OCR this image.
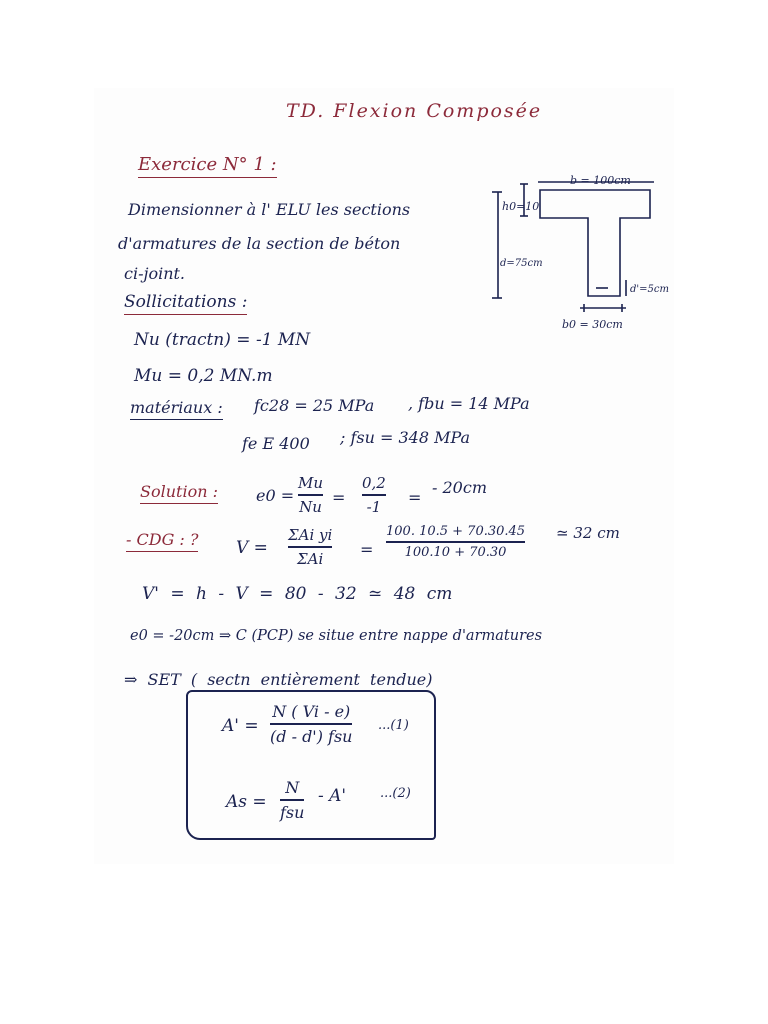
TD. Flexion Composée
Exercice N° 1 :
Dimensionner à l' ELU les sections
d'armatures de la section de béton
ci-joint.
Sollicitations :
Nu (tractn) = -1 MN
Mu = 0,2 MN.m
matériaux : fc28 = 25 MPa , fbu = 14 MPa
fe E 400 ; fsu = 348 MPa
b = 100cm
h0=10
d=75cm
d'=5cm
b0 = 30cm
Solution : e0 =
Mu
Nu =
0,2
-1 =
- 20cm
- CDG : ? V =
ΣAi yi
ΣAi =
100. 10.5 + 70.30.45
100.10 + 70.30
≃ 32 cm
V' = h - V = 80 - 32 ≃ 48 cm
e0 = -20cm ⇒ C (PCP) se situe entre nappe d'armatures
⇒ SET ( sectn entièrement tendue)
A' =
N ( Vi - e)
(d - d') fsu
...(1)
As =
N
fsu
- A'	...(2)
